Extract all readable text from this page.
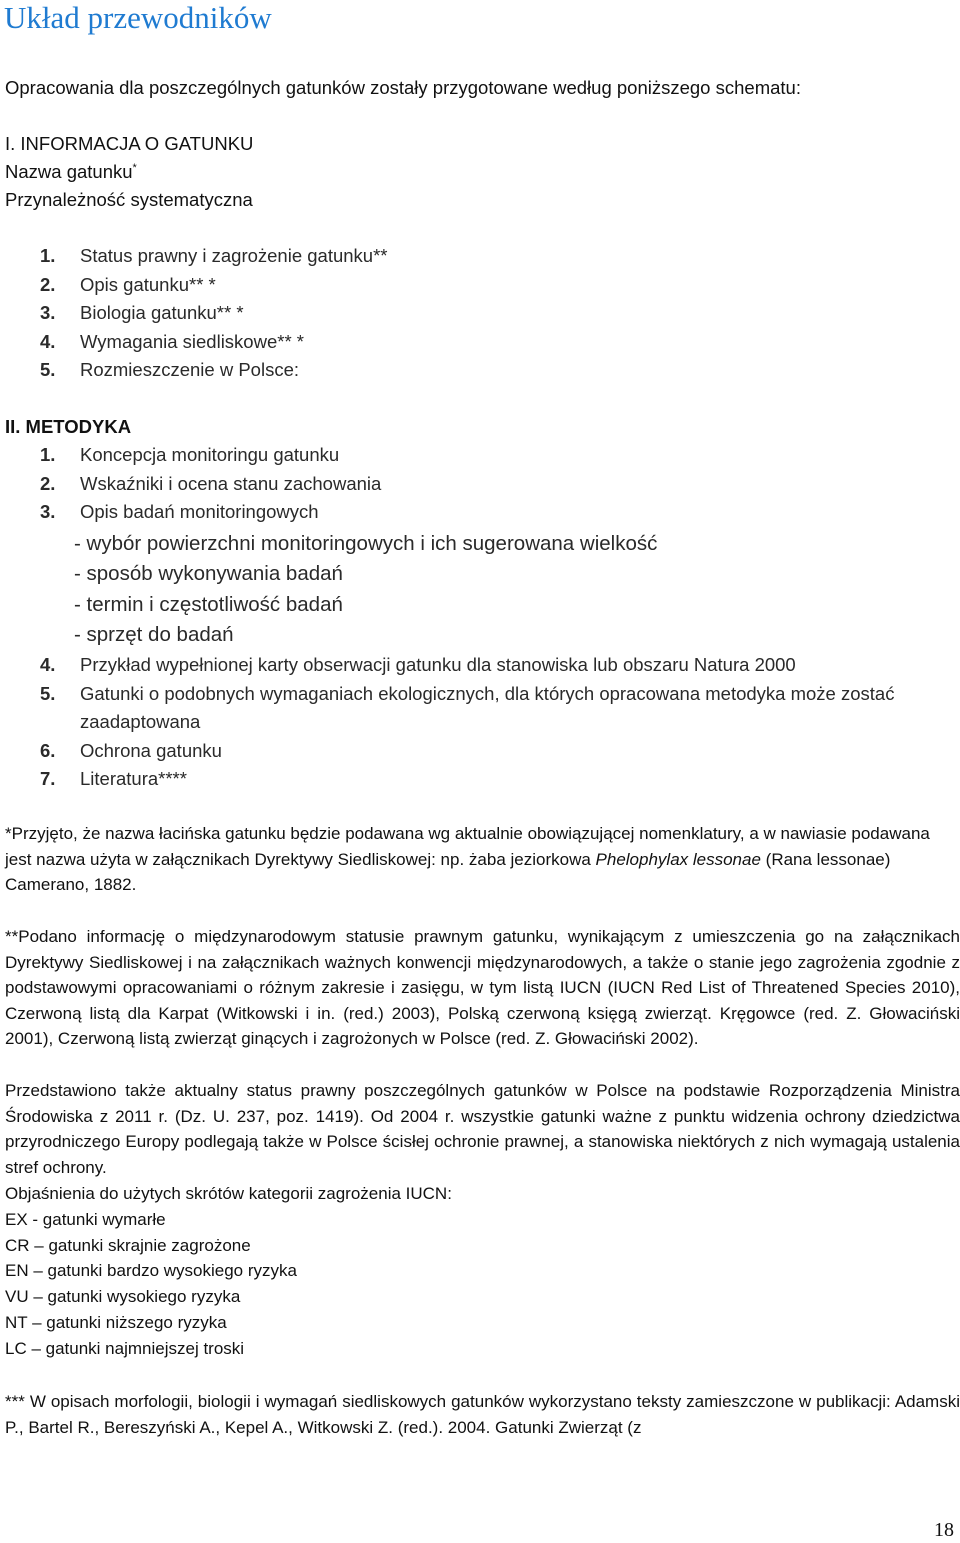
Układ przewodników

Opracowania dla poszczególnych gatunków zostały przygotowane według poniższego schematu:

I. INFORMACJA O GATUNKU
Nazwa gatunku*
Przynależność systematyczna
1.	Status prawny i zagrożenie gatunku**
2.	Opis gatunku** *
3.	Biologia gatunku** *
4.	Wymagania siedliskowe** *
5.	Rozmieszczenie w Polsce:
II. METODYKA
1.	Koncepcja monitoringu gatunku
2.	Wskaźniki i ocena stanu zachowania
3.	Opis badań monitoringowych
- wybór powierzchni monitoringowych i ich sugerowana wielkość
- sposób wykonywania badań
- termin i częstotliwość badań
- sprzęt do badań
4.	Przykład wypełnionej karty obserwacji gatunku dla stanowiska lub obszaru Natura 2000
5.	Gatunki o podobnych wymaganiach ekologicznych, dla których opracowana metodyka może zostać zaadaptowana
6.	Ochrona gatunku
7.	Literatura****

*Przyjęto, że nazwa łacińska gatunku będzie podawana wg aktualnie obowiązującej nomenklatury, a w nawiasie podawana jest nazwa użyta w załącznikach Dyrektywy Siedliskowej: np. żaba jeziorkowa Phelophylax lessonae (Rana lessonae) Camerano, 1882.

**Podano informację o międzynarodowym statusie prawnym gatunku, wynikającym z umieszczenia go na załącznikach Dyrektywy Siedliskowej i na załącznikach ważnych konwencji międzynarodowych, a także o stanie jego zagrożenia zgodnie z podstawowymi opracowaniami o różnym zakresie i zasięgu, w tym listą IUCN (IUCN Red List of Threatened Species 2010), Czerwoną listą dla Karpat (Witkowski i in. (red.) 2003), Polską czerwoną księgą zwierząt. Kręgowce (red. Z. Głowaciński 2001), Czerwoną listą zwierząt ginących i zagrożonych w Polsce (red. Z. Głowaciński 2002).

Przedstawiono także aktualny status prawny poszczególnych gatunków w Polsce na podstawie Rozporządzenia Ministra Środowiska z 2011 r. (Dz. U. 237, poz. 1419). Od 2004 r. wszystkie gatunki ważne z punktu widzenia ochrony dziedzictwa przyrodniczego Europy podlegają także w Polsce ścisłej ochronie prawnej, a stanowiska niektórych z nich wymagają ustalenia stref ochrony.

Objaśnienia do użytych skrótów kategorii zagrożenia IUCN:

EX - gatunki wymarłe
CR – gatunki skrajnie zagrożone
EN – gatunki bardzo wysokiego ryzyka
VU – gatunki wysokiego ryzyka
NT – gatunki niższego ryzyka
LC – gatunki najmniejszej troski

*** W opisach morfologii, biologii i wymagań siedliskowych gatunków wykorzystano teksty zamieszczone w publikacji: Adamski P., Bartel R., Bereszyński A., Kepel A., Witkowski Z. (red.). 2004. Gatunki Zwierząt (z

18
